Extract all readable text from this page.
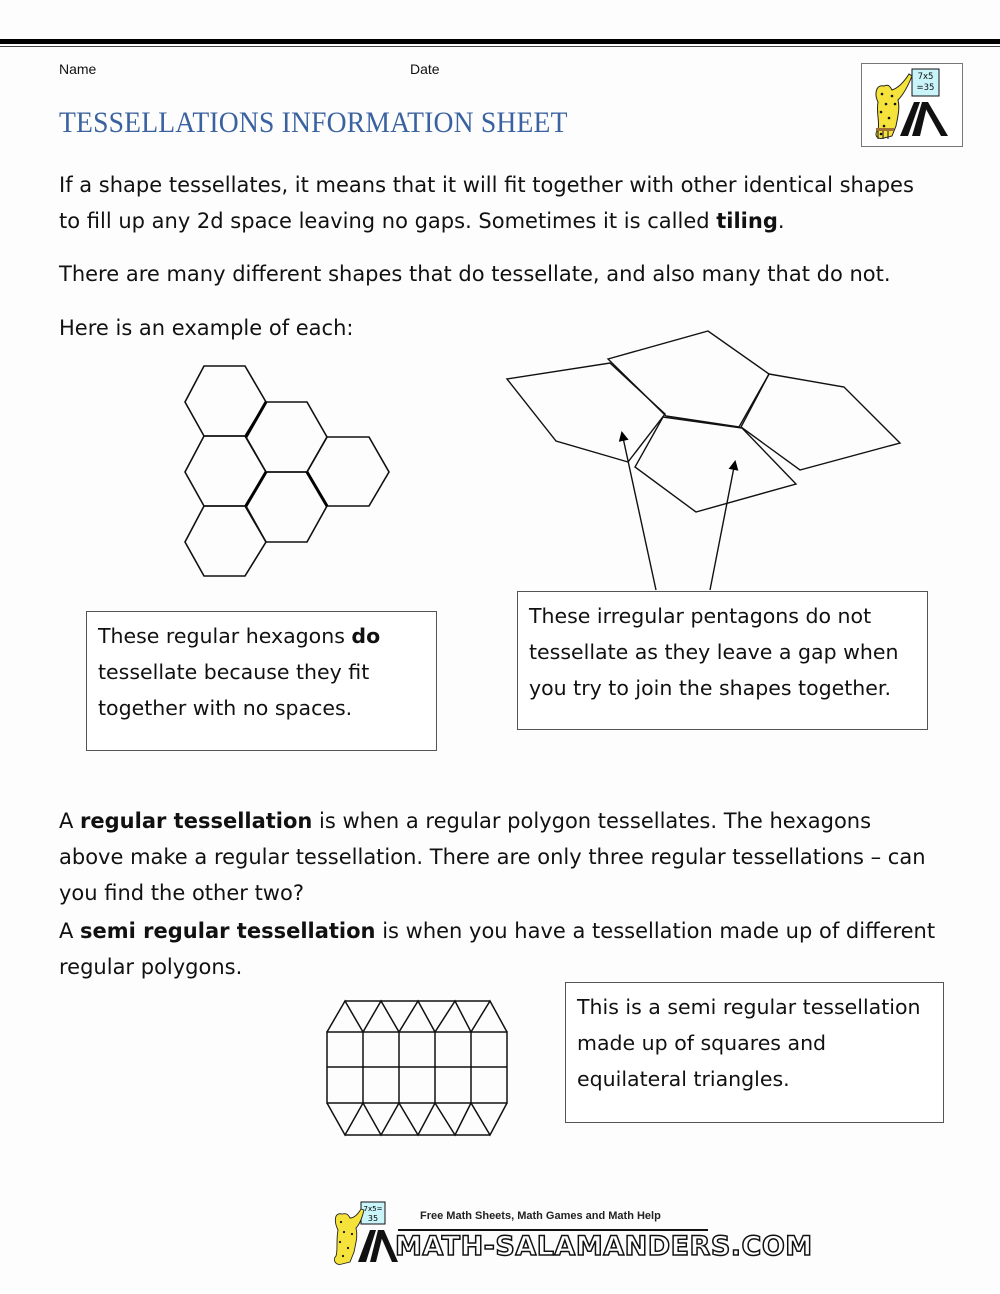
Name	Date
TESSELLATIONS INFORMATION SHEET
7x5
=35

If a shape tessellates, it means that it will fit together with other identical shapes to fill up any 2d space leaving no gaps. Sometimes it is called tiling.

There are many different shapes that do tessellate, and also many that do not.

Here is an example of each:

These regular hexagons do tessellate because they fit together with no spaces.
These irregular pentagons do not tessellate as they leave a gap when you try to join the shapes together.

A regular tessellation is when a regular polygon tessellates. The hexagons above make a regular tessellation. There are only three regular tessellations – can you find the other two?

A semi regular tessellation is when you have a tessellation made up of different regular polygons.

This is a semi regular tessellation made up of squares and equilateral triangles.
7x5=
35	Free Math Sheets, Math Games and Math Help
MATH-SALAMANDERS.COM
